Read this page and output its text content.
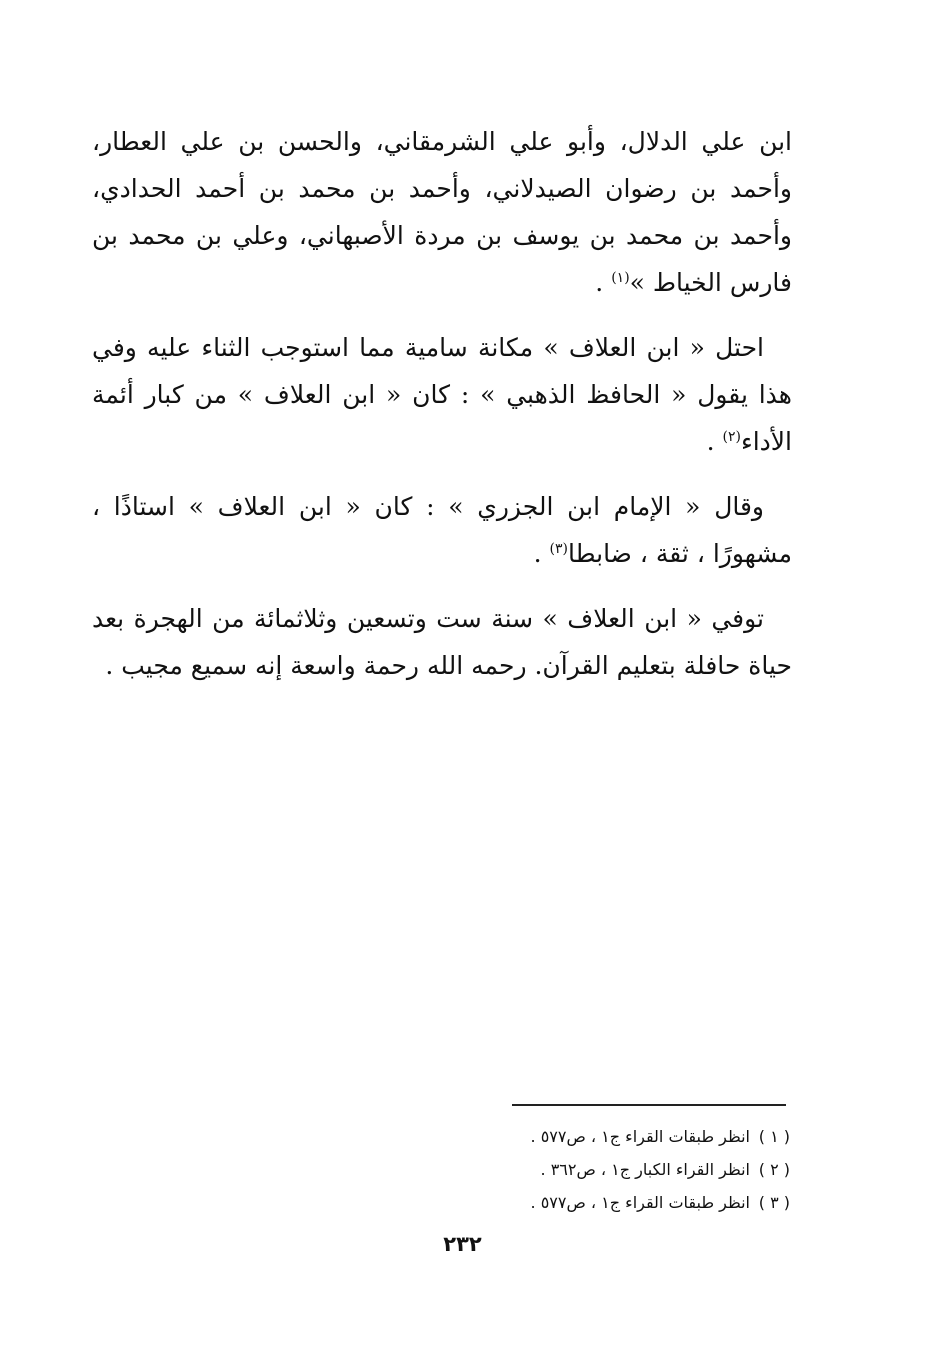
ابن علي الدلال، وأبو علي الشرمقاني، والحسن بن علي العطار، وأحمد بن رضوان الصيدلاني، وأحمد بن محمد بن أحمد الحدادي، وأحمد بن محمد بن يوسف بن مردة الأصبهاني، وعلي بن محمد بن فارس الخياط »$^{(١)}$ .
احتل « ابن العلاف » مكانة سامية مما استوجب الثناء عليه وفي هذا يقول « الحافظ الذهبي » : كان « ابن العلاف » من كبار أئمة الأداء$^{(٢)}$ .
وقال « الإمام ابن الجزري » : كان « ابن العلاف » استاذًا ، مشهورًا ، ثقة ، ضابطا$^{(٣)}$ .
توفي « ابن العلاف » سنة ست وتسعين وثلاثمائة من الهجرة بعد حياة حافلة بتعليم القرآن. رحمه الله رحمة واسعة إنه سميع مجيب .
( ١ )انظر طبقات القراء ج١ ، ص٥٧٧ .
( ٢ )انظر القراء الكبار ج١ ، ص٣٦٢ .
( ٣ )انظر طبقات القراء ج١ ، ص٥٧٧ .
٢٣٢
